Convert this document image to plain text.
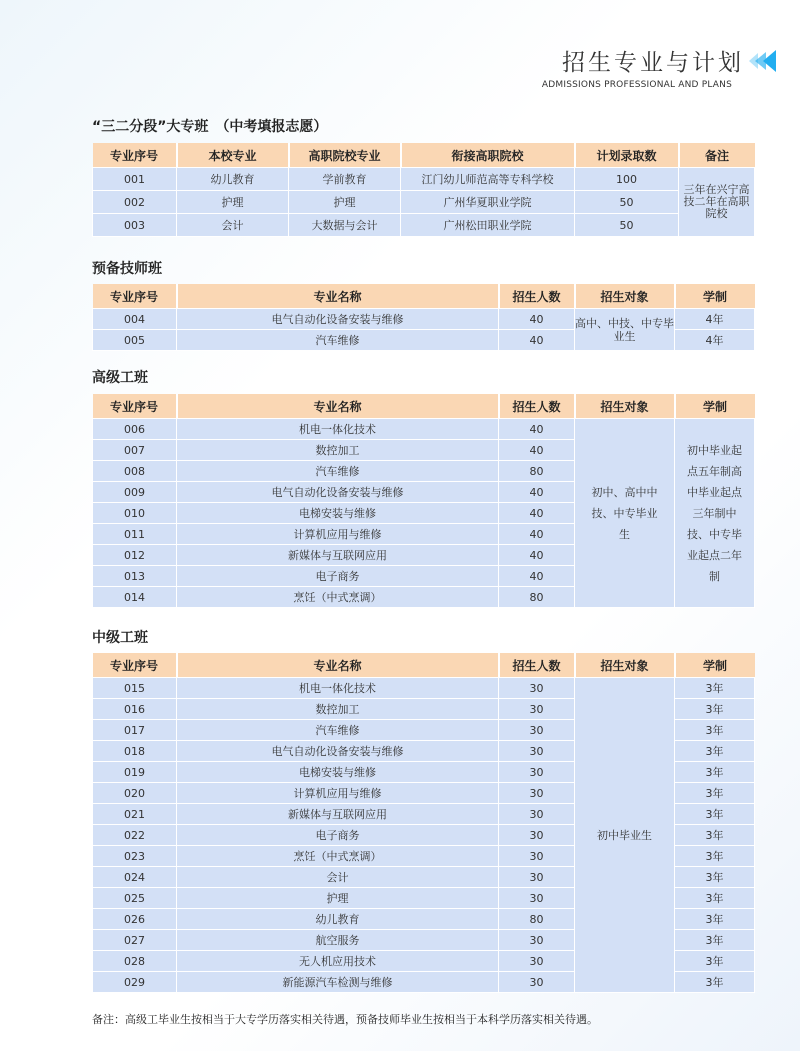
招生专业与计划
ADMISSIONS PROFESSIONAL AND PLANS
“三二分段”大专班　（中考填报志愿）
专业序号	本校专业	高职院校专业	衔接高职院校	计划录取数	备注
001	幼儿教育	学前教育	江门幼儿师范高等专科学校	100	三年在兴宁高技二年在高职院校
002	护理	护理	广州华夏职业学院	50	
003	会计	大数据与会计	广州松田职业学院	50	
预备技师班
专业序号	专业名称	招生人数	招生对象	学制
004	电气自动化设备安装与维修	40	高中、中技、中专毕业生	4年
005	汽车维修	40		4年
高级工班
专业序号	专业名称	招生人数	招生对象	学制
006	机电一体化技术	40	初中、高中中技、中专毕业生	初中毕业起点五年制高中毕业起点三年制中技、中专毕业起点二年制
007	数控加工	40		
008	汽车维修	80		
009	电气自动化设备安装与维修	40		
010	电梯安装与维修	40		
011	计算机应用与维修	40		
012	新媒体与互联网应用	40		
013	电子商务	40		
014	烹饪（中式烹调）	80		
中级工班
专业序号	专业名称	招生人数	招生对象	学制
015	机电一体化技术	30	初中毕业生	3年
016	数控加工	30		3年
017	汽车维修	30		3年
018	电气自动化设备安装与维修	30		3年
019	电梯安装与维修	30		3年
020	计算机应用与维修	30		3年
021	新媒体与互联网应用	30		3年
022	电子商务	30		3年
023	烹饪（中式烹调）	30		3年
024	会计	30		3年
025	护理	30		3年
026	幼儿教育	80		3年
027	航空服务	30		3年
028	无人机应用技术	30		3年
029	新能源汽车检测与维修	30		3年
备注：高级工毕业生按相当于大专学历落实相关待遇，预备技师毕业生按相当于本科学历落实相关待遇。
